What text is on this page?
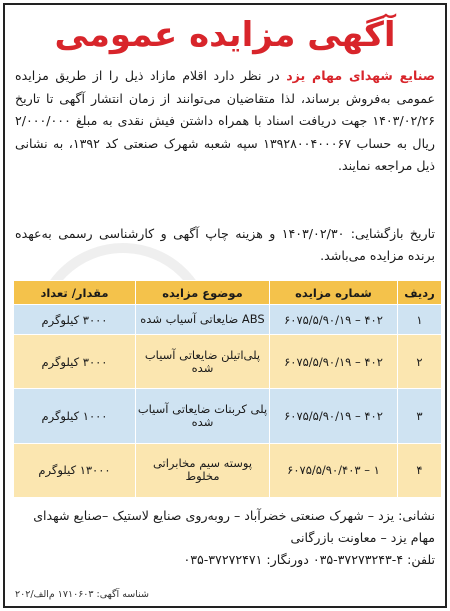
آگهی مزایده عمومی

صنایع شهدای مهام یزد در نظر دارد اقلام مازاد ذیل را از طریق مزایده عمومی به‌فروش برساند، لذا متقاضیان می‌توانند از زمان انتشار آگهی تا تاریخ ۱۴۰۳/۰۲/۲۶ جهت دریافت اسناد با همراه داشتن فیش نقدی به مبلغ ۲/۰۰۰/۰۰۰ ریال به حساب ۱۳۹۲۸۰۰۴۰۰۰۶۷ سپه شعبه شهرک صنعتی کد ۱۳۹۲، به نشانی ذیل مراجعه نمایند.

تاریخ بازگشایی: ۱۴۰۳/۰۲/۳۰ و هزینه چاپ آگهی و کارشناسی رسمی به‌عهده برنده مزایده می‌باشد.

ردیف	شماره مزایده	موضوع مزایده	مقدار/ تعداد
۱	۴۰۲ – ۶۰۷۵/۵/۹۰/۱۹	ABS ضایعاتی آسیاب شده	۳۰۰۰ کیلوگرم
۲	۴۰۲ – ۶۰۷۵/۵/۹۰/۱۹	پلی‌اتیلن ضایعاتی آسیاب شده	۳۰۰۰ کیلوگرم
۳	۴۰۲ – ۶۰۷۵/۵/۹۰/۱۹	پلی کربنات ضایعاتی آسیاب شده	۱۰۰۰ کیلوگرم
۴	۱ – ۶۰۷۵/۵/۹۰/۴۰۳	پوسته سیم مخابراتی مخلوط	۱۳۰۰۰ کیلوگرم

نشانی: یزد – شهرک صنعتی خضرآباد – روبه‌روی صنایع لاستیک –صنایع شهدای مهام یزد – معاونت بازرگانی

تلفن: ۴-۳۷۲۷۳۲۴۳-۰۳۵ دورنگار: ۳۷۲۷۲۴۷۱-۰۳۵

شناسه آگهی: ۱۷۱۰۶۰۳ م‌الف/۲۰۲
